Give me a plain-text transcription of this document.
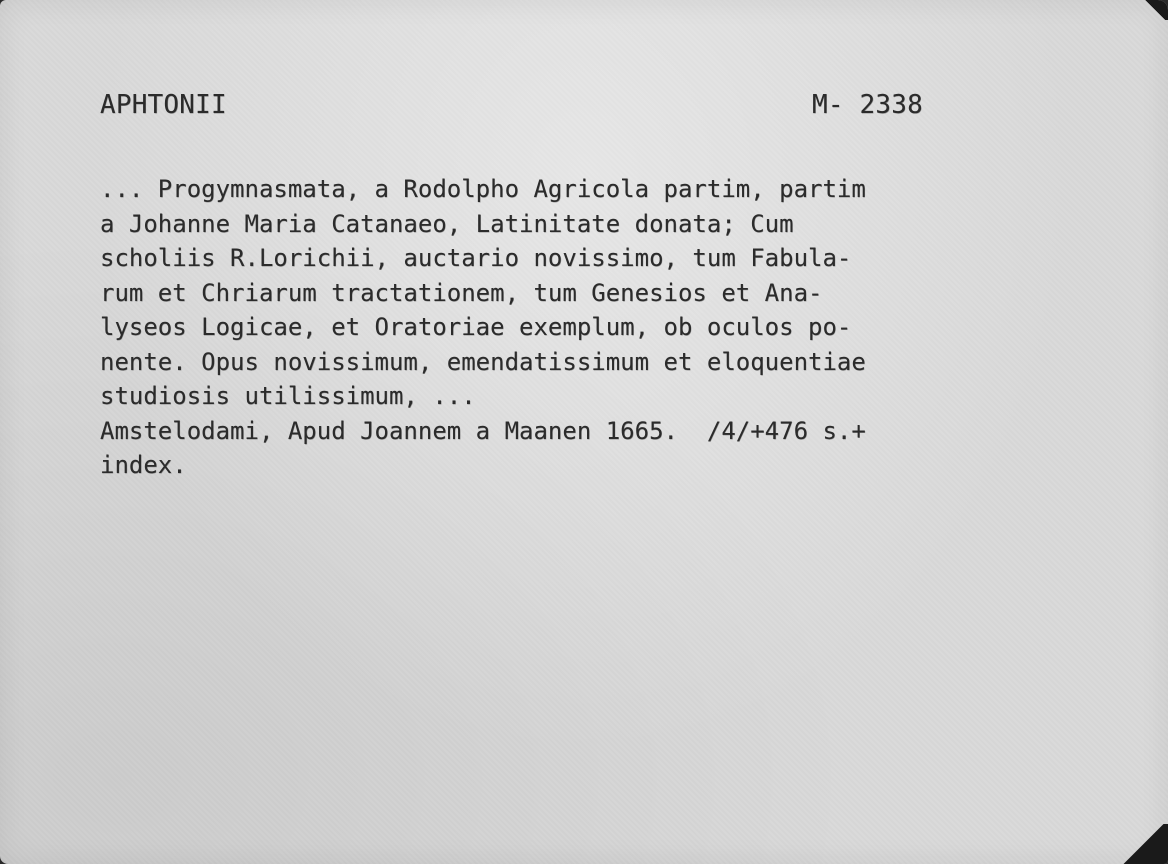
APHTONII	M- 2338
... Progymnasmata, a Rodolpho Agricola partim, partim
a Johanne Maria Catanaeo, Latinitate donata; Cum
scholiis R.Lorichii, auctario novissimo, tum Fabula-
rum et Chriarum tractationem, tum Genesios et Ana-
lyseos Logicae, et Oratoriae exemplum, ob oculos po-
nente. Opus novissimum, emendatissimum et eloquentiae
studiosis utilissimum, ...
Amstelodami, Apud Joannem a Maanen 1665.  /4/+476 s.+
index.
